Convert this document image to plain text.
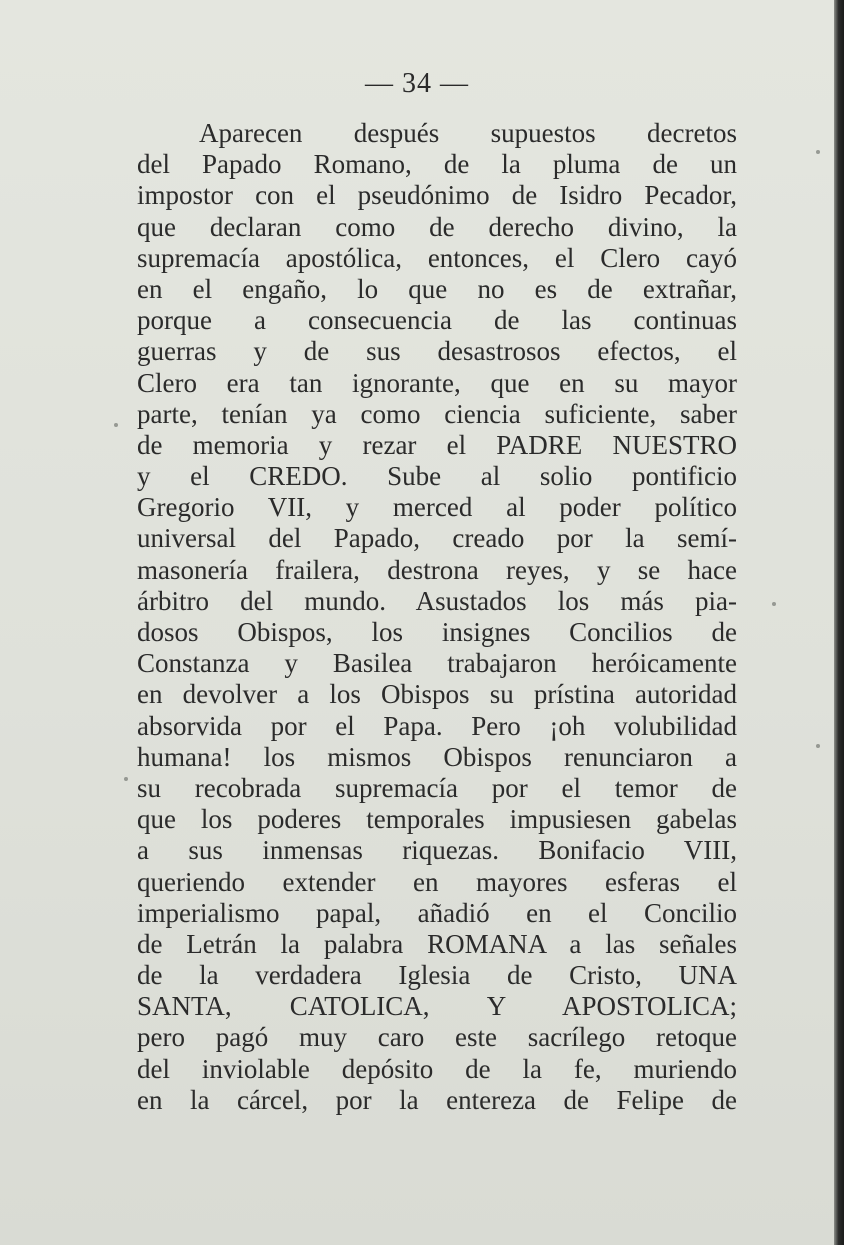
— 34 —
Aparecen después supuestos decretos
del Papado Romano, de la pluma de un
impostor con el pseudónimo de Isidro Pecador,
que declaran como de derecho divino, la
supremacía apostólica, entonces, el Clero cayó
en el engaño, lo que no es de extrañar,
porque a consecuencia de las continuas
guerras y de sus desastrosos efectos, el
Clero era tan ignorante, que en su mayor
parte, tenían ya como ciencia suficiente, saber
de memoria y rezar el PADRE NUESTRO
y el CREDO. Sube al solio pontificio
Gregorio VII, y merced al poder político
universal del Papado, creado por la semí-
masonería frailera, destrona reyes, y se hace
árbitro del mundo. Asustados los más pia-
dosos Obispos, los insignes Concilios de
Constanza y Basilea trabajaron heróicamente
en devolver a los Obispos su prístina autoridad
absorvida por el Papa. Pero ¡oh volubilidad
humana! los mismos Obispos renunciaron a
su recobrada supremacía por el temor de
que los poderes temporales impusiesen gabelas
a sus inmensas riquezas. Bonifacio VIII,
queriendo extender en mayores esferas el
imperialismo papal, añadió en el Concilio
de Letrán la palabra ROMANA a las señales
de la verdadera Iglesia de Cristo, UNA
SANTA, CATOLICA, Y APOSTOLICA;
pero pagó muy caro este sacrílego retoque
del inviolable depósito de la fe, muriendo
en la cárcel, por la entereza de Felipe de
